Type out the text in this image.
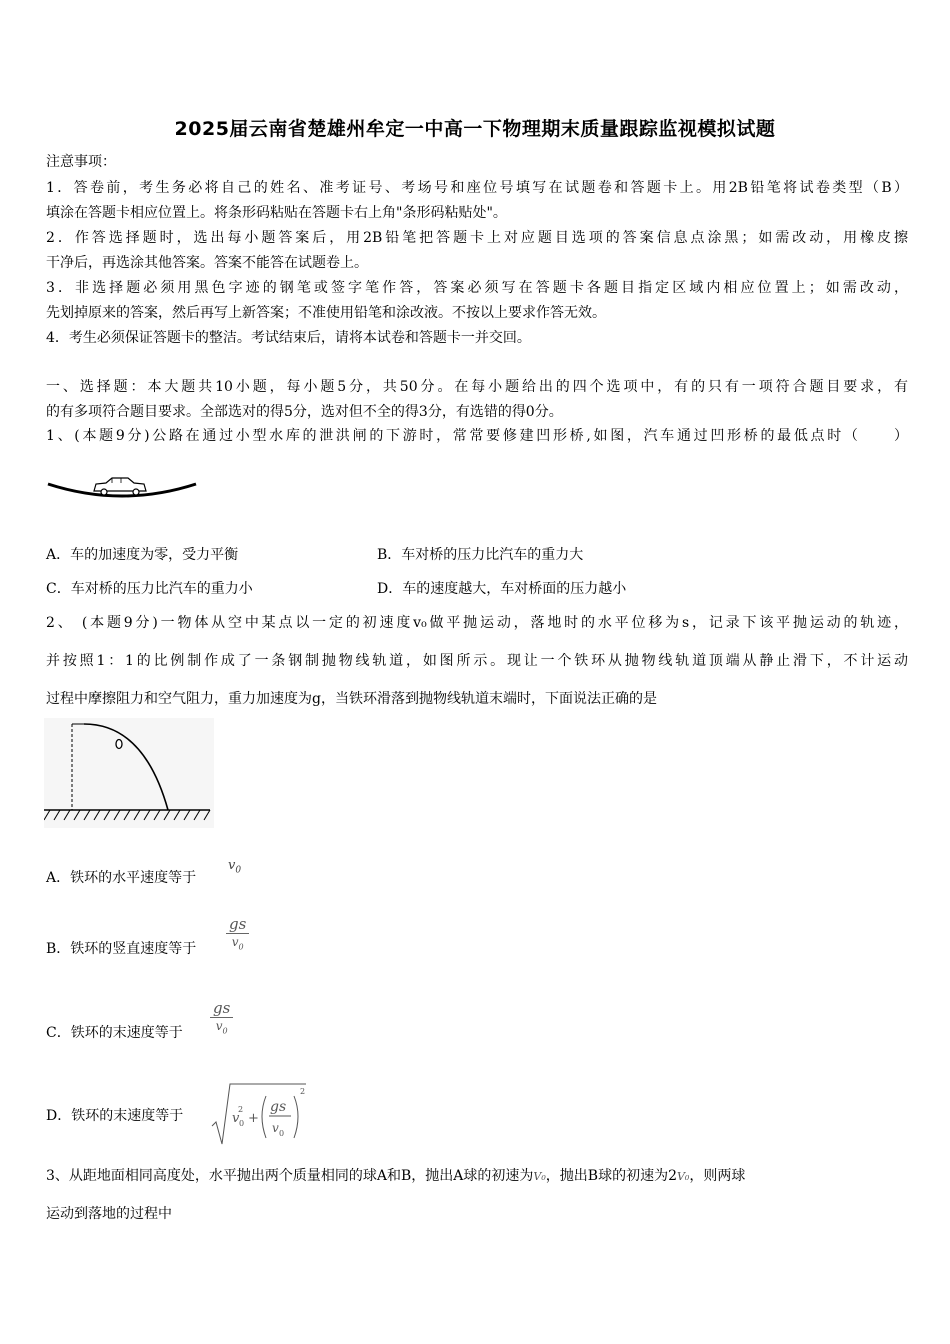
2025届云南省楚雄州牟定一中高一下物理期末质量跟踪监视模拟试题
注意事项：
1．答卷前，考生务必将自己的姓名、准考证号、考场号和座位号填写在试题卷和答题卡上。用2B铅笔将试卷类型（B）
填涂在答题卡相应位置上。将条形码粘贴在答题卡右上角"条形码粘贴处"。
2．作答选择题时，选出每小题答案后，用2B铅笔把答题卡上对应题目选项的答案信息点涂黑；如需改动，用橡皮擦
干净后，再选涂其他答案。答案不能答在试题卷上。
3．非选择题必须用黑色字迹的钢笔或签字笔作答，答案必须写在答题卡各题目指定区域内相应位置上；如需改动，
先划掉原来的答案，然后再写上新答案；不准使用铅笔和涂改液。不按以上要求作答无效。
4．考生必须保证答题卡的整洁。考试结束后，请将本试卷和答题卡一并交回。
一、选择题：本大题共10小题，每小题5分，共50分。在每小题给出的四个选项中，有的只有一项符合题目要求，有
的有多项符合题目要求。全部选对的得5分，选对但不全的得3分，有选错的得0分。
1、(本题9分)公路在通过小型水库的泄洪闸的下游时，常常要修建凹形桥,如图，汽车通过凹形桥的最低点时（　　）
A．车的加速度为零，受力平衡	B．车对桥的压力比汽车的重力大
C．车对桥的压力比汽车的重力小	D．车的速度越大，车对桥面的压力越小
2、 (本题9分)一物体从空中某点以一定的初速度v₀做平抛运动，落地时的水平位移为s，记录下该平抛运动的轨迹，
并按照1：1的比例制作成了一条钢制抛物线轨道，如图所示。现让一个铁环从抛物线轨道顶端从静止滑下，不计运动
过程中摩擦阻力和空气阻力，重力加速度为g，当铁环滑落到抛物线轨道末端时，下面说法正确的是
A．铁环的水平速度等于
$v_0$
B．铁环的竖直速度等于 $\frac{gs}{v_0}$
C．铁环的末速度等于 $\frac{gs}{v_0}$
D．铁环的末速度等于	v 0
2
+
gs
v 0
2
3、从距地面相同高度处，水平抛出两个质量相同的球A和B，抛出A球的初速为V₀，抛出B球的初速为2V₀，则两球
运动到落地的过程中
